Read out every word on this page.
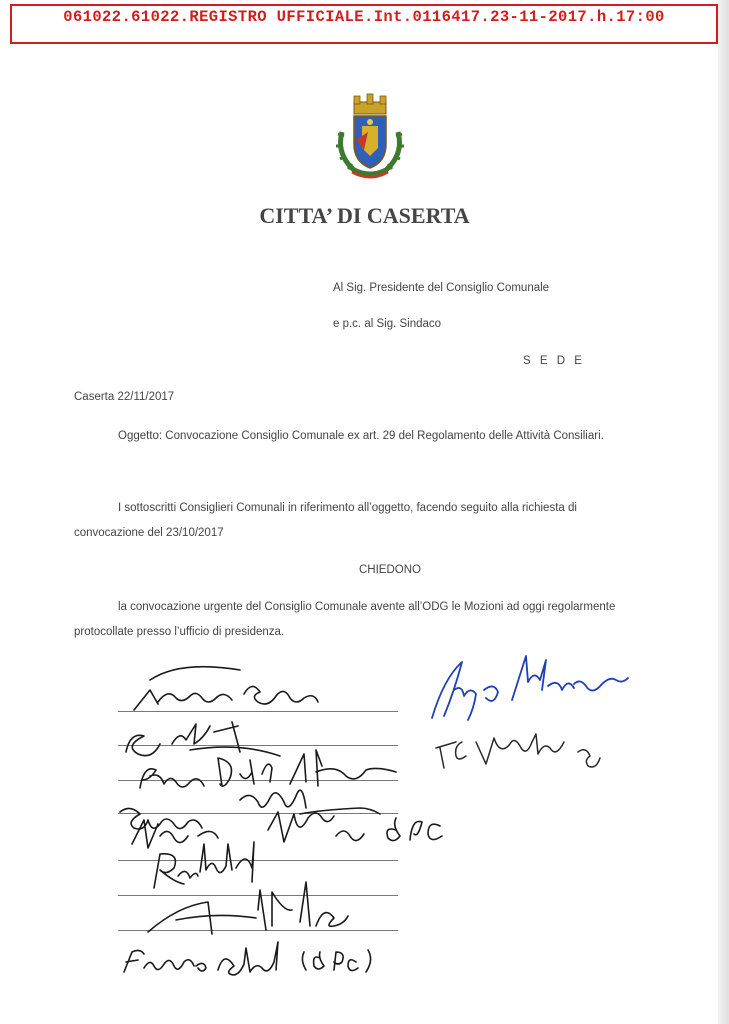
061022.61022.REGISTRO UFFICIALE.Int.0116417.23-11-2017.h.17:00
CITTA’ DI CASERTA
Al Sig. Presidente del Consiglio Comunale
e p.c. al Sig. Sindaco
S E D E
Caserta 22/11/2017
Oggetto: Convocazione Consiglio Comunale ex art. 29 del Regolamento delle Attività Consiliari.
I sottoscritti Consiglieri Comunali in riferimento all’oggetto, facendo seguito alla richiesta di
convocazione del 23/10/2017
CHIEDONO
la convocazione urgente del Consiglio Comunale avente all’ODG le Mozioni ad oggi regolarmente
protocollate presso l’ufficio di presidenza.
